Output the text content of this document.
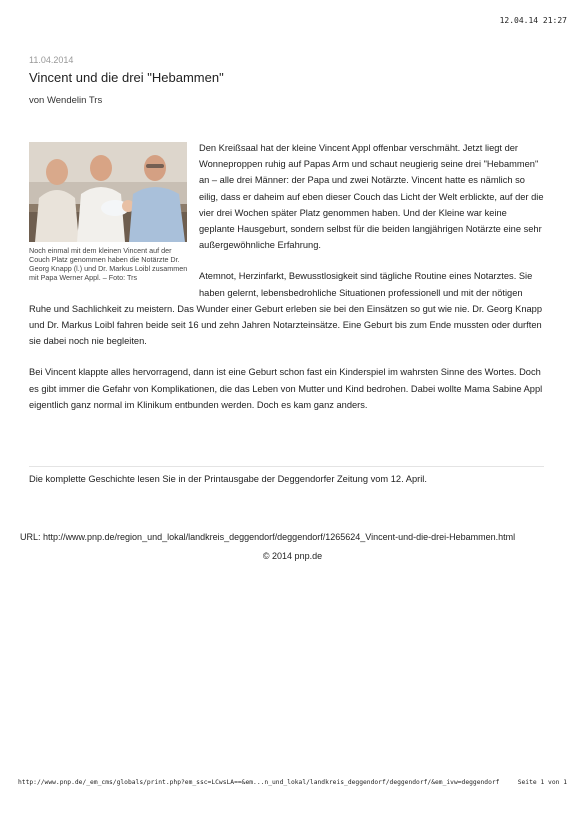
12.04.14 21:27
11.04.2014
Vincent und die drei "Hebammen"
von Wendelin Trs
Noch einmal mit dem kleinen Vincent auf der Couch Platz genommen haben die Notärzte Dr. Georg Knapp (l.) und Dr. Markus Loibl zusammen mit Papa Werner Appl. – Foto: Trs

Den Kreißsaal hat der kleine Vincent Appl offenbar verschmäht. Jetzt liegt der Wonneproppen ruhig auf Papas Arm und schaut neugierig seine drei "Hebammen" an – alle drei Männer: der Papa und zwei Notärzte. Vincent hatte es nämlich so eilig, dass er daheim auf eben dieser Couch das Licht der Welt erblickte, auf der die vier drei Wochen später Platz genommen haben. Und der Kleine war keine geplante Hausgeburt, sondern selbst für die beiden langjährigen Notärzte eine sehr außergewöhnliche Erfahrung.

Atemnot, Herzinfarkt, Bewusstlosigkeit sind tägliche Routine eines Notarztes. Sie haben gelernt, lebensbedrohliche Situationen professionell und mit der nötigen Ruhe und Sachlichkeit zu meistern. Das Wunder einer Geburt erleben sie bei den Einsätzen so gut wie nie. Dr. Georg Knapp und Dr. Markus Loibl fahren beide seit 16 und zehn Jahren Notarzteinsätze. Eine Geburt bis zum Ende mussten oder durften sie dabei noch nie begleiten.

Bei Vincent klappte alles hervorragend, dann ist eine Geburt schon fast ein Kinderspiel im wahrsten Sinne des Wortes. Doch es gibt immer die Gefahr von Komplikationen, die das Leben von Mutter und Kind bedrohen. Dabei wollte Mama Sabine Appl eigentlich ganz normal im Klinikum entbunden werden. Doch es kam ganz anders.

Die komplette Geschichte lesen Sie in der Printausgabe der Deggendorfer Zeitung vom 12. April.
URL: http://www.pnp.de/region_und_lokal/landkreis_deggendorf/deggendorf/1265624_Vincent-und-die-drei-Hebammen.html
© 2014 pnp.de
http://www.pnp.de/_em_cms/globals/print.php?em_ssc=LCwsLA==&em...n_und_lokal/landkreis_deggendorf/deggendorf/&em_ivw=deggendorf	Seite 1 von 1
